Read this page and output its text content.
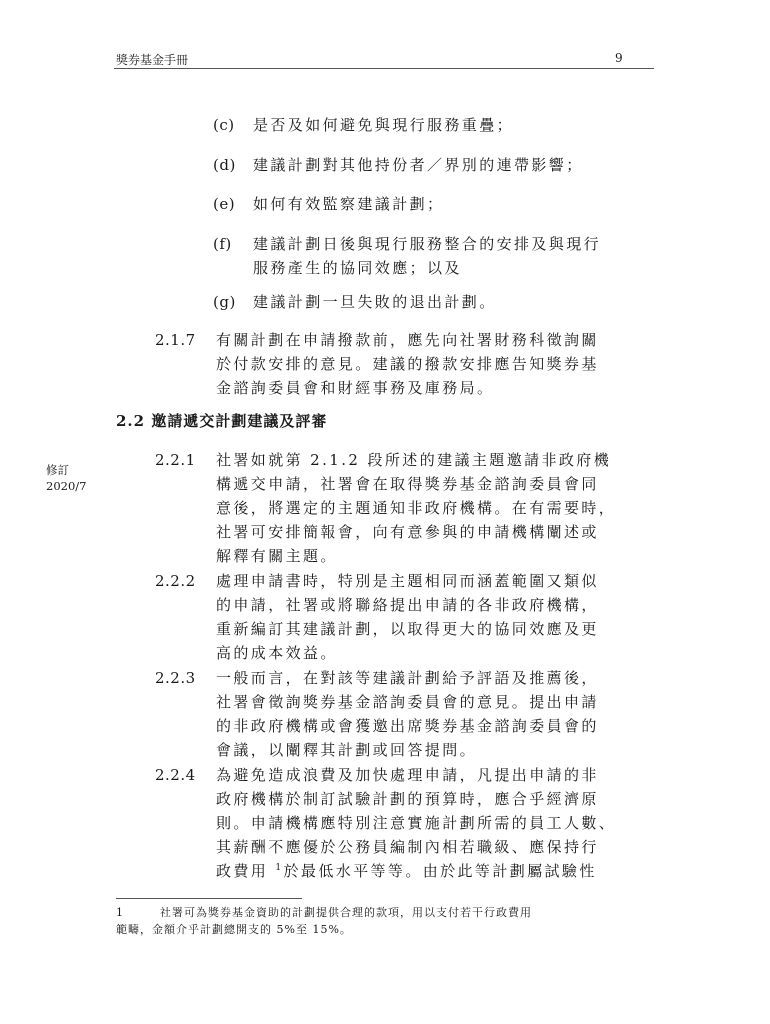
獎券基金手冊	9
(c) 是否及如何避免與現行服務重疊；
(d) 建議計劃對其他持份者／界別的連帶影響；
(e) 如何有效監察建議計劃；
(f) 建議計劃日後與現行服務整合的安排及與現行
服務產生的協同效應；以及
(g) 建議計劃一旦失敗的退出計劃。
2.1.7 有關計劃在申請撥款前，應先向社署財務科徵詢關
於付款安排的意見。建議的撥款安排應告知獎券基
金諮詢委員會和財經事務及庫務局。
2.2 邀請遞交計劃建議及評審
修訂
2020/7
2.2.1 社署如就第 2.1.2 段所述的建議主題邀請非政府機
構遞交申請，社署會在取得獎券基金諮詢委員會同
意後，將選定的主題通知非政府機構。在有需要時，
社署可安排簡報會，向有意參與的申請機構闡述或
解釋有關主題。
2.2.2 處理申請書時，特別是主題相同而涵蓋範圍又類似
的申請，社署或將聯絡提出申請的各非政府機構，
重新編訂其建議計劃，以取得更大的協同效應及更
高的成本效益。
2.2.3 一般而言，在對該等建議計劃給予評語及推薦後，
社署會徵詢獎券基金諮詢委員會的意見。提出申請
的非政府機構或會獲邀出席獎券基金諮詢委員會的
會議，以闡釋其計劃或回答提問。
2.2.4 為避免造成浪費及加快處理申請，凡提出申請的非
政府機構於制訂試驗計劃的預算時，應合乎經濟原
則。申請機構應特別注意實施計劃所需的員工人數、
其薪酬不應優於公務員編制內相若職級、應保持行
政費用 $^1$於最低水平等等。由於此等計劃屬試驗性
1	社署可為獎券基金資助的計劃提供合理的款項，用以支付若干行政費用
範疇，金額介乎計劃總開支的 5%至 15%。
